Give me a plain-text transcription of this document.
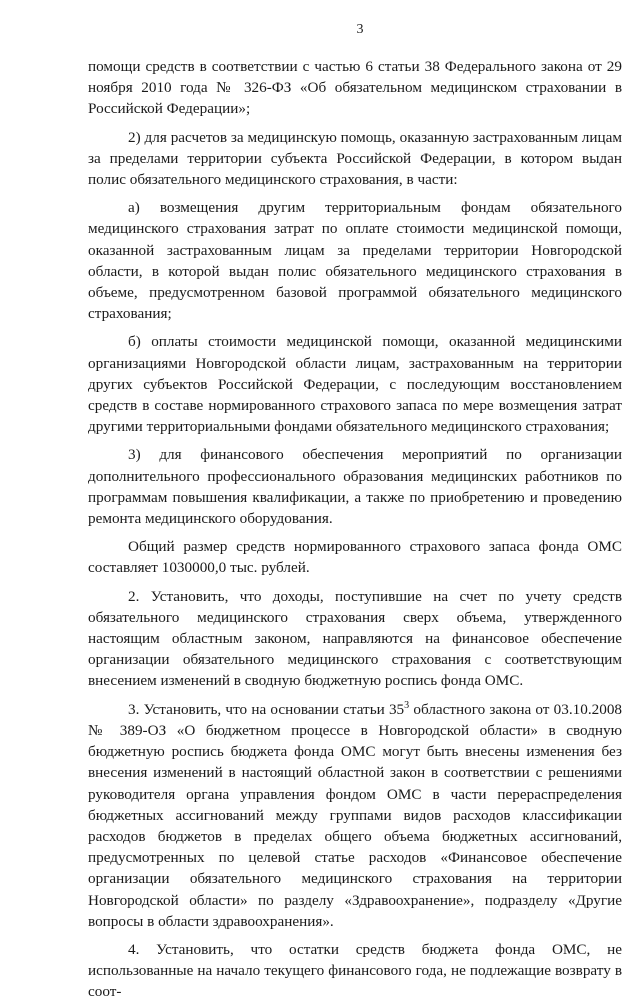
3

помощи средств в соответствии с частью 6 статьи 38 Федерального закона от 29 ноября 2010 года № 326-ФЗ «Об обязательном медицинском страховании в Российской Федерации»;

2) для расчетов за медицинскую помощь, оказанную застрахованным лицам за пределами территории субъекта Российской Федерации, в котором выдан полис обязательного медицинского страхования, в части:

а) возмещения другим территориальным фондам обязательного медицинского страхования затрат по оплате стоимости медицинской помощи, оказанной застрахованным лицам за пределами территории Новгородской области, в которой выдан полис обязательного медицинского страхования в объеме, предусмотренном базовой программой обязательного медицинского страхования;

б) оплаты стоимости медицинской помощи, оказанной медицинскими организациями Новгородской области лицам, застрахованным на территории других субъектов Российской Федерации, с последующим восстановлением средств в составе нормированного страхового запаса по мере возмещения затрат другими территориальными фондами обязательного медицинского страхования;

3) для финансового обеспечения мероприятий по организации дополнительного профессионального образования медицинских работников по программам повышения квалификации, а также по приобретению и проведению ремонта медицинского оборудования.

Общий размер средств нормированного страхового запаса фонда ОМС составляет 1030000,0 тыс. рублей.

2. Установить, что доходы, поступившие на счет по учету средств обязательного медицинского страхования сверх объема, утвержденного настоящим областным законом, направляются на финансовое обеспечение организации обязательного медицинского страхования с соответствующим внесением изменений в сводную бюджетную роспись фонда ОМС.

3. Установить, что на основании статьи $35^3$ областного закона от 03.10.2008 № 389-ОЗ «О бюджетном процессе в Новгородской области» в сводную бюджетную роспись бюджета фонда ОМС могут быть внесены изменения без внесения изменений в настоящий областной закон в соответствии с решениями руководителя органа управления фондом ОМС в части перераспределения бюджетных ассигнований между группами видов расходов классификации расходов бюджетов в пределах общего объема бюджетных ассигнований, предусмотренных по целевой статье расходов «Финансовое обеспечение организации обязательного медицинского страхования на территории Новгородской области» по разделу «Здравоохранение», подразделу «Другие вопросы в области здравоохранения».

4. Установить, что остатки средств бюджета фонда ОМС, не использованные на начало текущего финансового года, не подлежащие возврату в соот-
